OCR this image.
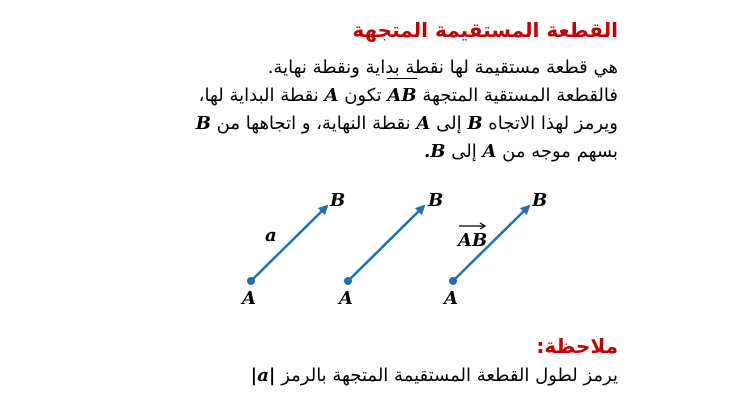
القطعة المستقيمة المتجهة
هي قطعة مستقيمة لها نقطة بداية ونقطة نهاية.
فالقطعة المستقية المتجهة
AB تكون A نقطة البداية لها،
B نقطة النهاية، و اتجاهها من A إلى B ويرمز لهذا الاتجاه
بسهم موجه من A إلى B.
A
B
a
A
B
A
B
AB
ملاحظة:
يرمز لطول القطعة المستقيمة المتجهة بالرمز |a|
